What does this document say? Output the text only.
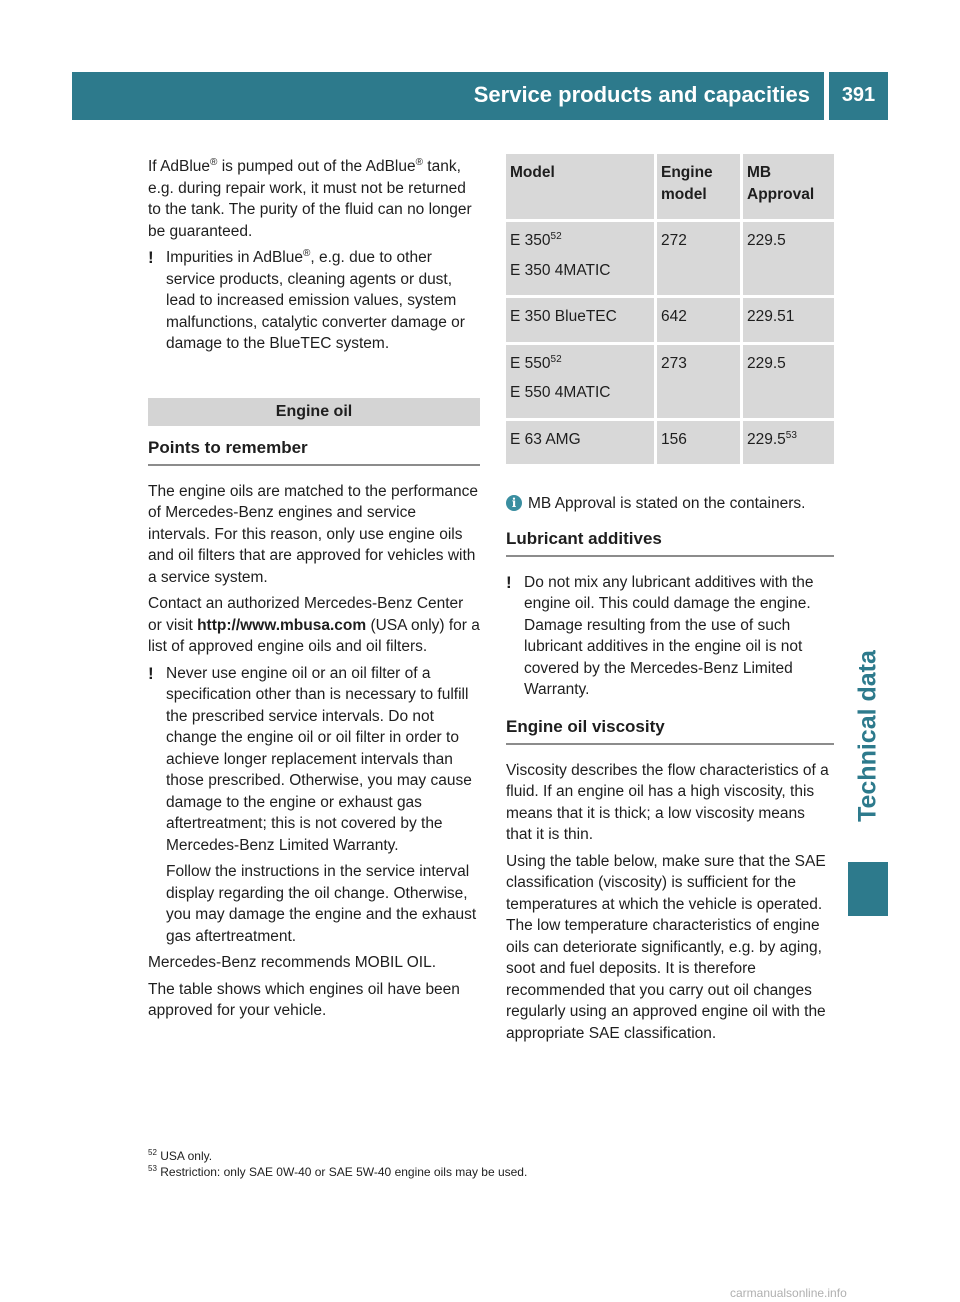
Service products and capacities	391
Technical data

If AdBlue® is pumped out of the AdBlue® tank, e.g. during repair work, it must not be returned to the tank. The purity of the fluid can no longer be guaranteed.

! Impurities in AdBlue®, e.g. due to other service products, cleaning agents or dust, lead to increased emission values, system malfunctions, catalytic converter damage or damage to the BlueTEC system.

Engine oil
Points to remember

The engine oils are matched to the performance of Mercedes-Benz engines and service intervals. For this reason, only use engine oils and oil filters that are approved for vehicles with a service system.

Contact an authorized Mercedes-Benz Center or visit http://www.mbusa.com (USA only) for a list of approved engine oils and oil filters.

! Never use engine oil or an oil filter of a specification other than is necessary to fulfill the prescribed service intervals. Do not change the engine oil or oil filter in order to achieve longer replacement intervals than those prescribed. Otherwise, you may cause damage to the engine or exhaust gas aftertreatment; this is not covered by the Mercedes-Benz Limited Warranty.

Follow the instructions in the service interval display regarding the oil change. Otherwise, you may damage the engine and the exhaust gas aftertreatment.

Mercedes-Benz recommends MOBIL OIL.

The table shows which engines oil have been approved for your vehicle.

Model	Engine model	MB Approval

E $350^{52}$
E 350 4MATIC	272	229.5
E 350 BlueTEC	642	229.51

E $550^{52}$
E 550 4MATIC	273	229.5
E 63 AMG	156	229.5$^{53}$
i MB Approval is stated on the containers.
Lubricant additives
! Do not mix any lubricant additives with the engine oil. This could damage the engine. Damage resulting from the use of such lubricant additives in the engine oil is not covered by the Mercedes-Benz Limited Warranty.

Engine oil viscosity

Viscosity describes the flow characteristics of a fluid. If an engine oil has a high viscosity, this means that it is thick; a low viscosity means that it is thin.

Using the table below, make sure that the SAE classification (viscosity) is sufficient for the temperatures at which the vehicle is operated. The low temperature characteristics of engine oils can deteriorate significantly, e.g. by aging, soot and fuel deposits. It is therefore recommended that you carry out oil changes regularly using an approved engine oil with the appropriate SAE classification.

$^{52}$ USA only.
$^{53}$ Restriction: only SAE 0W-40 or SAE 5W-40 engine oils may be used.
carmanualsonline.info
